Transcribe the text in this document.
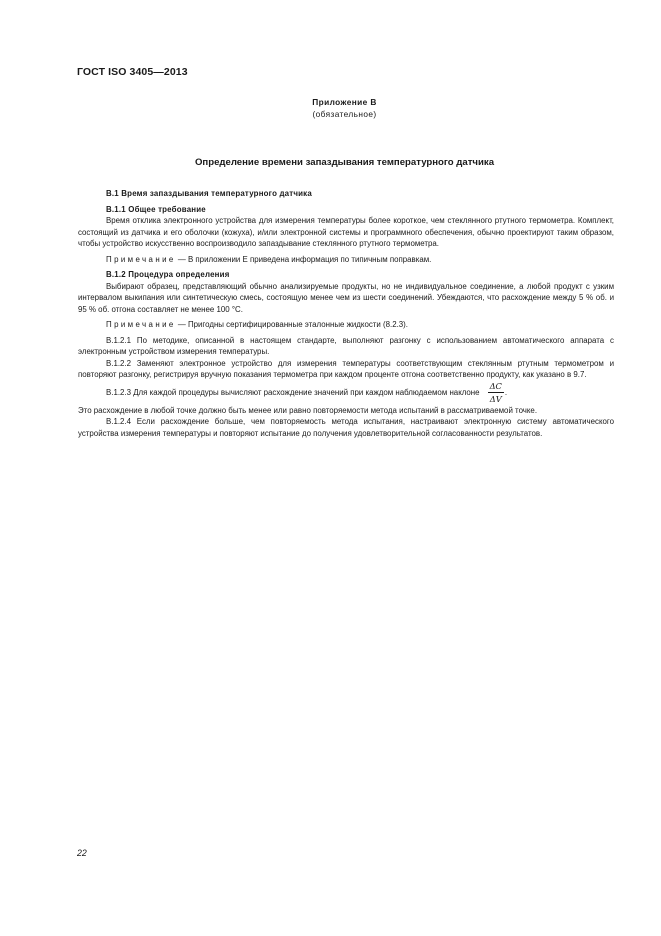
ГОСТ ISO 3405—2013
Приложение В
(обязательное)
Определение времени запаздывания температурного датчика
В.1 Время запаздывания температурного датчика
В.1.1 Общее требование

Время отклика электронного устройства для измерения температуры более короткое, чем стеклянного ртутного термометра. Комплект, состоящий из датчика и его оболочки (кожуха), и/или электронной системы и программного обеспечения, обычно проектируют таким образом, чтобы устройство искусственно воспроизводило запаздывание стеклянного ртутного термометра.

Примечание — В приложении Е приведена информация по типичным поправкам.

В.1.2 Процедура определения

Выбирают образец, представляющий обычно анализируемые продукты, но не индивидуальное соединение, а любой продукт с узким интервалом выкипания или синтетическую смесь, состоящую менее чем из шести соединений. Убеждаются, что расхождение между 5 % об. и 95 % об. отгона составляет не менее 100 °С.

Примечание — Пригодны сертифицированные эталонные жидкости (8.2.3).

В.1.2.1 По методике, описанной в настоящем стандарте, выполняют разгонку с использованием автоматического аппарата с электронным устройством измерения температуры.

В.1.2.2 Заменяют электронное устройство для измерения температуры соответствующим стеклянным ртутным термометром и повторяют разгонку, регистрируя вручную показания термометра при каждом проценте отгона соответственно продукту, как указано в 9.7.

В.1.2.3 Для каждой процедуры вычисляют расхождение значений при каждом наблюдаемом наклоне $\frac{\Delta C}{\Delta V}$ .

Это расхождение в любой точке должно быть менее или равно повторяемости метода испытаний в рассматриваемой точке.

В.1.2.4 Если расхождение больше, чем повторяемость метода испытания, настраивают электронную систему автоматического устройства измерения температуры и повторяют испытание до получения удовлетворительной согласованности результатов.

22
